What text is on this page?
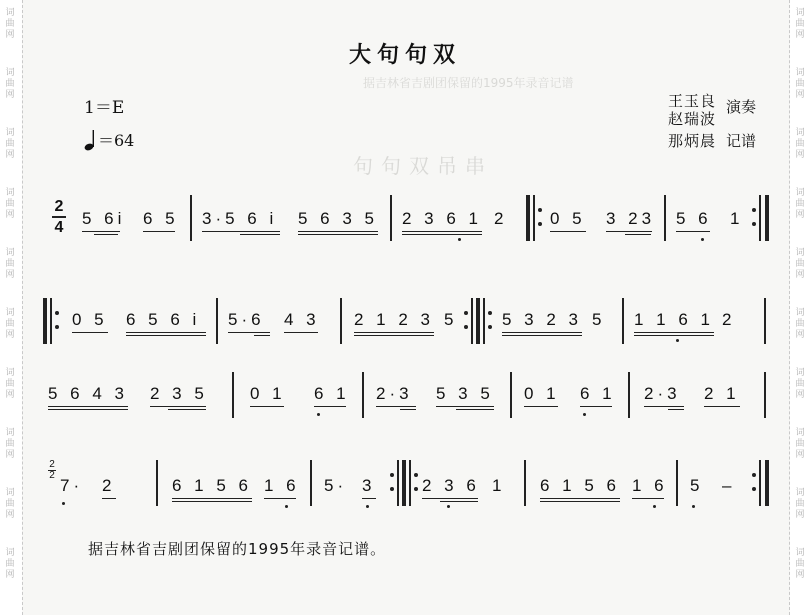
词
曲
网
词
曲
网
词
曲
网
词
曲
网
词
曲
网
词
曲
网
词
曲
网
词
曲
网
词
曲
网
词
曲
网
词
曲
网
词
曲
网
词
曲
网
词
曲
网
词
曲
网
词
曲
网
词
曲
网
词
曲
网
词
曲
网
词
曲
网
句句双吊串
据吉林省吉剧团保留的1995年录音记谱
大句句双
1＝E
＝64
王玉良
赵瑞波
演奏
那炳晨 记谱
2
4 5 6i 6 5 3·5 6 i 5 6 3 5 2 3 6 1 2	0 5 3 23 5 6 1
0 5 6 5 6 i 5·6 4 3 2 1 2 3 5	5 3 2 3 5 1 1 6 1 2
5 6 4 3 2 3 5 0 1 6 1 2·3 5 3 5 0 1 6 1 2·3 2 1
2
2
7· 2	6 1 5 6 1 6 5· 3	2 3 6 1 6 1 5 6 1 6 5 –
据吉林省吉剧团保留的1995年录音记谱。
